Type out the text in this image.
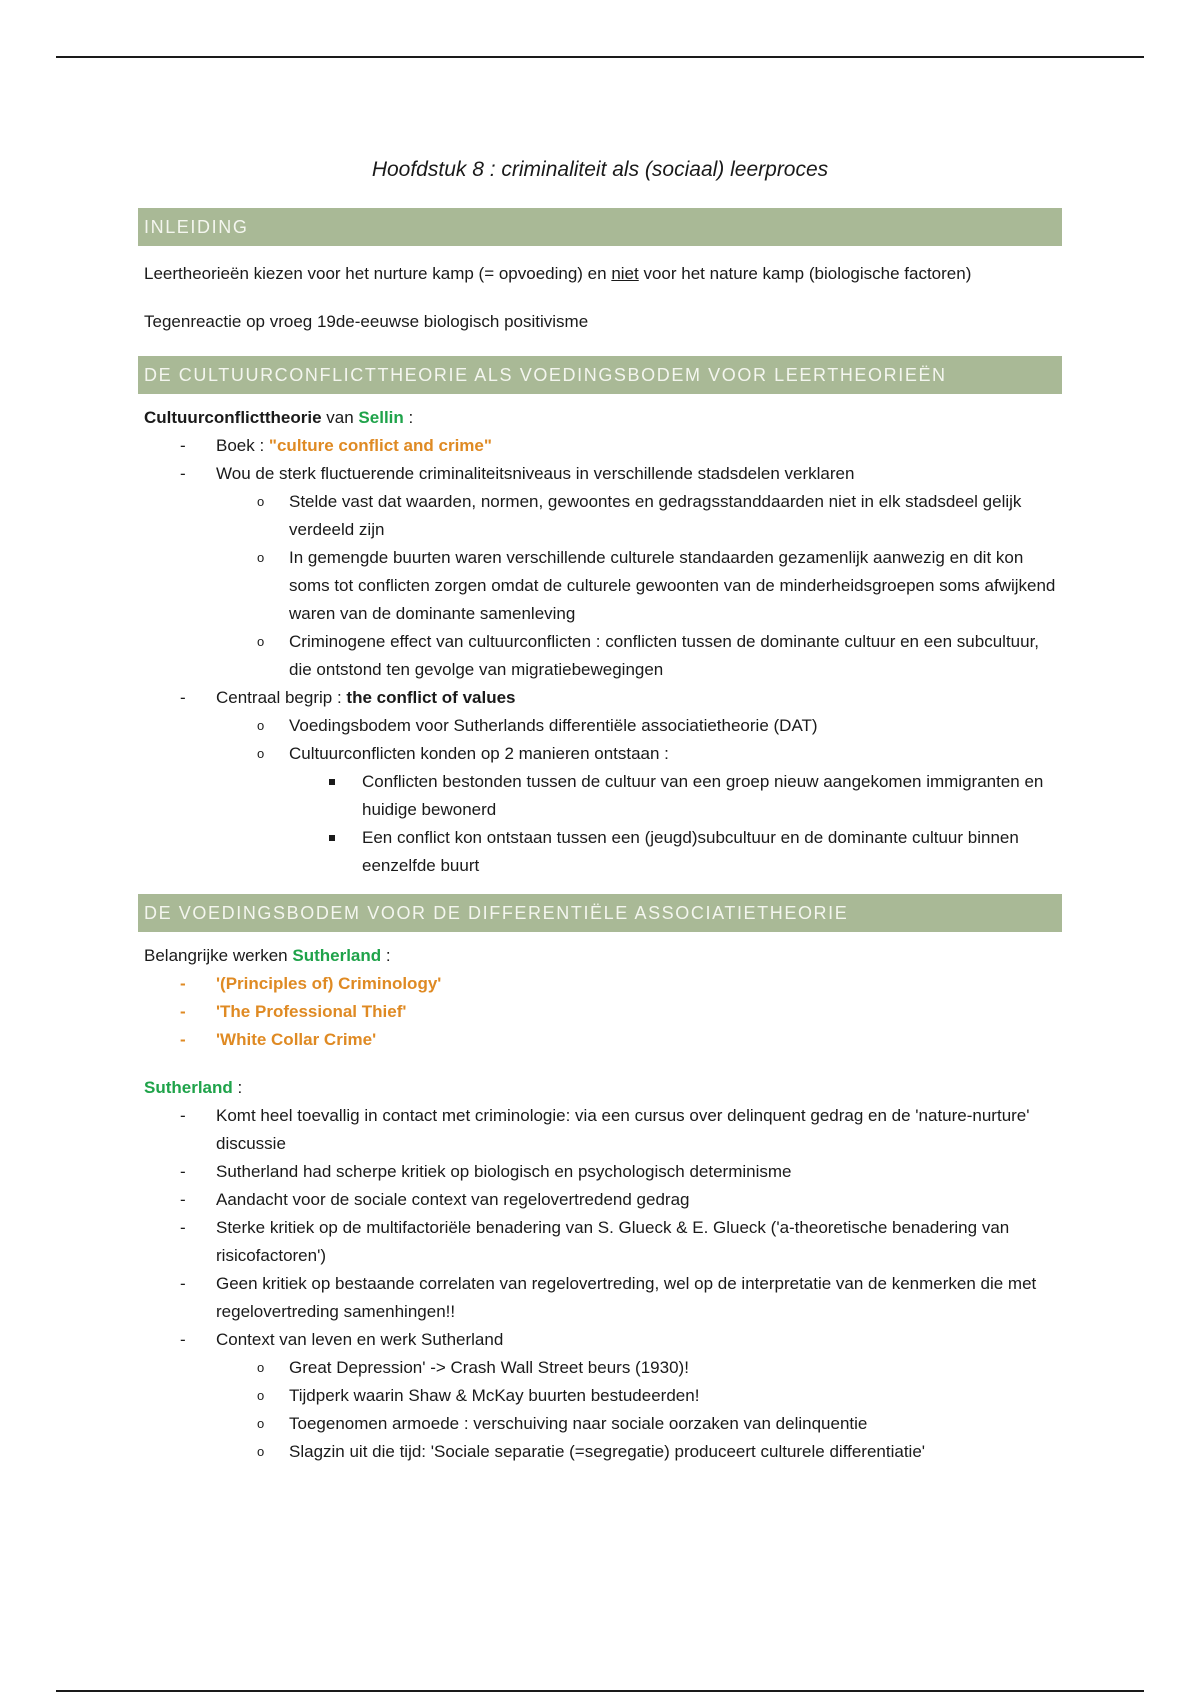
Hoofdstuk 8 : criminaliteit als (sociaal) leerproces
INLEIDING

Leertheorieën kiezen voor het nurture kamp (= opvoeding) en niet voor het nature kamp (biologische factoren)

Tegenreactie op vroeg 19de-eeuwse biologisch positivisme

DE CULTUURCONFLICTTHEORIE ALS VOEDINGSBODEM VOOR LEERTHEORIEËN

Cultuurconflicttheorie van Sellin :

- Boek : "culture conflict and crime"
- Wou de sterk fluctuerende criminaliteitsniveaus in verschillende stadsdelen verklaren
o Stelde vast dat waarden, normen, gewoontes en gedragsstanddaarden niet in elk stadsdeel gelijk verdeeld zijn
o In gemengde buurten waren verschillende culturele standaarden gezamenlijk aanwezig en dit kon soms tot conflicten zorgen omdat de culturele gewoonten van de minderheidsgroepen soms afwijkend waren van de dominante samenleving
o Criminogene effect van cultuurconflicten : conflicten tussen de dominante cultuur en een subcultuur, die ontstond ten gevolge van migratiebewegingen
- Centraal begrip : the conflict of values
o Voedingsbodem voor Sutherlands differentiële associatietheorie (DAT)
o Cultuurconflicten konden op 2 manieren ontstaan :
Conflicten bestonden tussen de cultuur van een groep nieuw aangekomen immigranten en huidige bewonerd
Een conflict kon ontstaan tussen een (jeugd)subcultuur en de dominante cultuur binnen eenzelfde buurt
DE VOEDINGSBODEM VOOR DE DIFFERENTIËLE ASSOCIATIETHEORIE

Belangrijke werken Sutherland :

- '(Principles of) Criminology'
- 'The Professional Thief'
- 'White Collar Crime'

Sutherland :

- Komt heel toevallig in contact met criminologie: via een cursus over delinquent gedrag en de 'nature-nurture' discussie
- Sutherland had scherpe kritiek op biologisch en psychologisch determinisme
- Aandacht voor de sociale context van regelovertredend gedrag
- Sterke kritiek op de multifactoriële benadering van S. Glueck & E. Glueck ('a-theoretische benadering van risicofactoren')
- Geen kritiek op bestaande correlaten van regelovertreding, wel op de interpretatie van de kenmerken die met regelovertreding samenhingen!!
- Context van leven en werk Sutherland
o Great Depression' -> Crash Wall Street beurs (1930)!
o Tijdperk waarin Shaw & McKay buurten bestudeerden!
o Toegenomen armoede : verschuiving naar sociale oorzaken van delinquentie
o Slagzin uit die tijd: 'Sociale separatie (=segregatie) produceert culturele differentiatie'
